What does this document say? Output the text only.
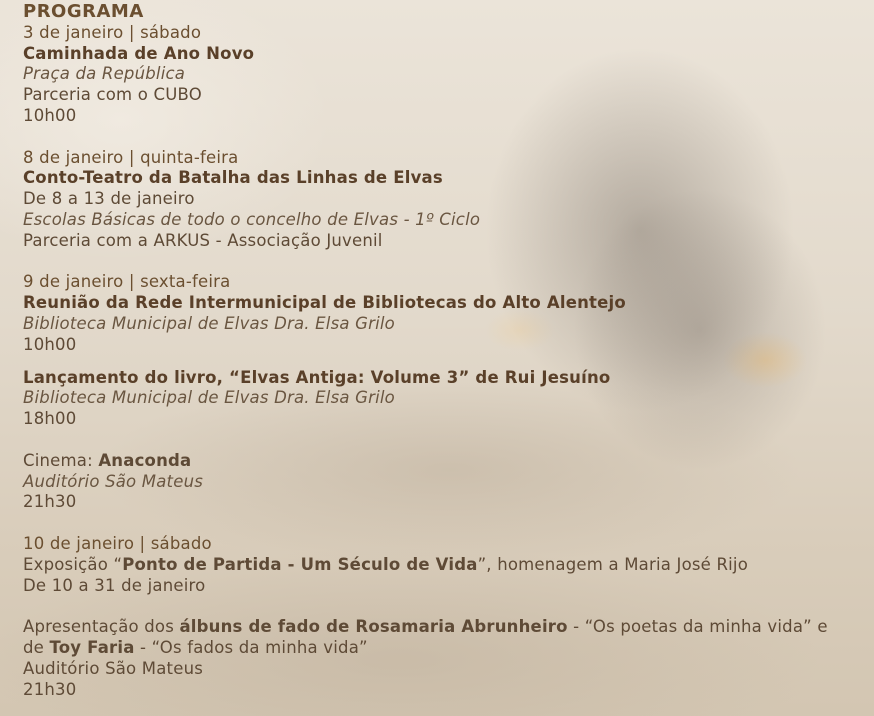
PROGRAMA
3 de janeiro | sábado
Caminhada de Ano Novo
Praça da República
Parceria com o CUBO
10h00
8 de janeiro | quinta-feira
Conto-Teatro da Batalha das Linhas de Elvas
De 8 a 13 de janeiro
Escolas Básicas de todo o concelho de Elvas - 1º Ciclo
Parceria com a ARKUS - Associação Juvenil
9 de janeiro | sexta-feira
Reunião da Rede Intermunicipal de Bibliotecas do Alto Alentejo
Biblioteca Municipal de Elvas Dra. Elsa Grilo
10h00
Lançamento do livro, “Elvas Antiga: Volume 3” de Rui Jesuíno
Biblioteca Municipal de Elvas Dra. Elsa Grilo
18h00
Cinema: Anaconda
Auditório São Mateus
21h30
10 de janeiro | sábado
Exposição “Ponto de Partida - Um Século de Vida”, homenagem a Maria José Rijo
De 10 a 31 de janeiro
Apresentação dos álbuns de fado de Rosamaria Abrunheiro - “Os poetas da minha vida” e
de Toy Faria - “Os fados da minha vida”
Auditório São Mateus
21h30
